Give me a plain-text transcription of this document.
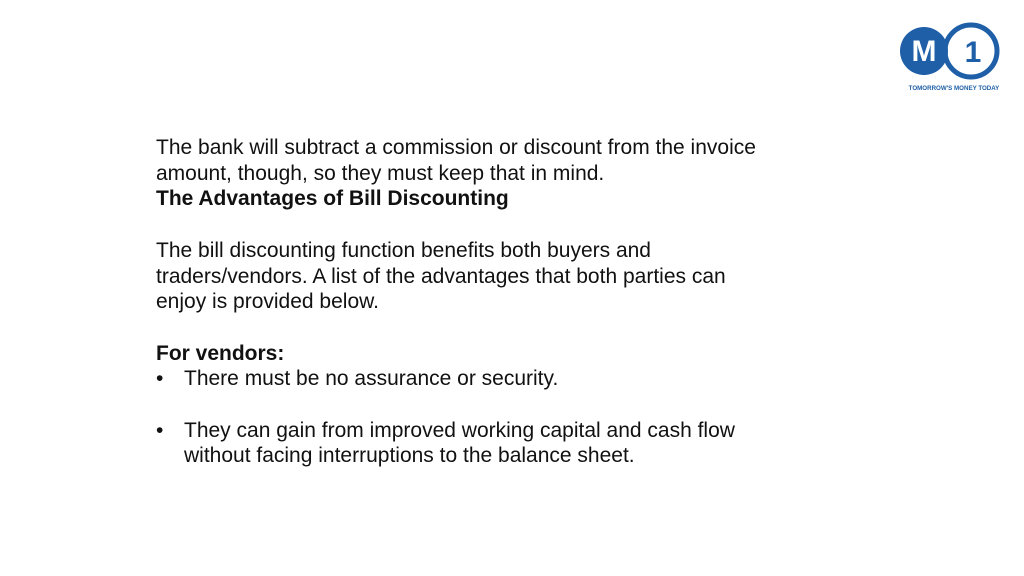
M 1
TOMORROW'S MONEY TODAY

The bank will subtract a commission or discount from the invoice amount, though, so they must keep that in mind.

The Advantages of Bill Discounting

The bill discounting function benefits both buyers and traders/vendors. A list of the advantages that both parties can enjoy is provided below.

For vendors:

• There must be no assurance or security.
• They can gain from improved working capital and cash flow without facing interruptions to the balance sheet.
